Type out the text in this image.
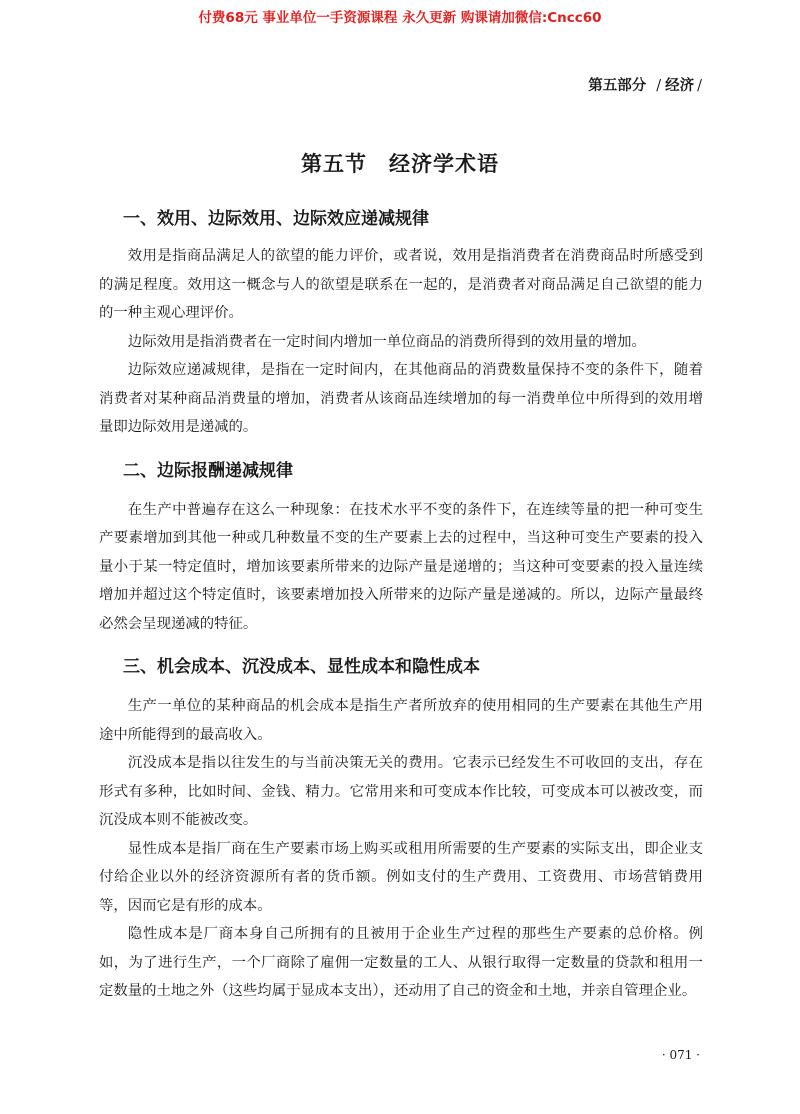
付费68元 事业单位一手资源课程 永久更新 购课请加微信:Cncc60
第五部分 / 经济 /
第五节 经济学术语
一、效用、边际效用、边际效应递减规律

效用是指商品满足人的欲望的能力评价，或者说，效用是指消费者在消费商品时所感受到的满足程度。效用这一概念与人的欲望是联系在一起的，是消费者对商品满足自己欲望的能力的一种主观心理评价。

边际效用是指消费者在一定时间内增加一单位商品的消费所得到的效用量的增加。

边际效应递减规律，是指在一定时间内，在其他商品的消费数量保持不变的条件下，随着消费者对某种商品消费量的增加，消费者从该商品连续增加的每一消费单位中所得到的效用增量即边际效用是递减的。

二、边际报酬递减规律

在生产中普遍存在这么一种现象：在技术水平不变的条件下，在连续等量的把一种可变生产要素增加到其他一种或几种数量不变的生产要素上去的过程中，当这种可变生产要素的投入量小于某一特定值时，增加该要素所带来的边际产量是递增的；当这种可变要素的投入量连续增加并超过这个特定值时，该要素增加投入所带来的边际产量是递减的。所以，边际产量最终必然会呈现递减的特征。

三、机会成本、沉没成本、显性成本和隐性成本

生产一单位的某种商品的机会成本是指生产者所放弃的使用相同的生产要素在其他生产用途中所能得到的最高收入。

沉没成本是指以往发生的与当前决策无关的费用。它表示已经发生不可收回的支出，存在形式有多种，比如时间、金钱、精力。它常用来和可变成本作比较，可变成本可以被改变，而沉没成本则不能被改变。

显性成本是指厂商在生产要素市场上购买或租用所需要的生产要素的实际支出，即企业支付给企业以外的经济资源所有者的货币额。例如支付的生产费用、工资费用、市场营销费用等，因而它是有形的成本。

隐性成本是厂商本身自己所拥有的且被用于企业生产过程的那些生产要素的总价格。例如，为了进行生产，一个厂商除了雇佣一定数量的工人、从银行取得一定数量的贷款和租用一定数量的土地之外（这些均属于显成本支出），还动用了自己的资金和土地，并亲自管理企业。

· 071 ·
